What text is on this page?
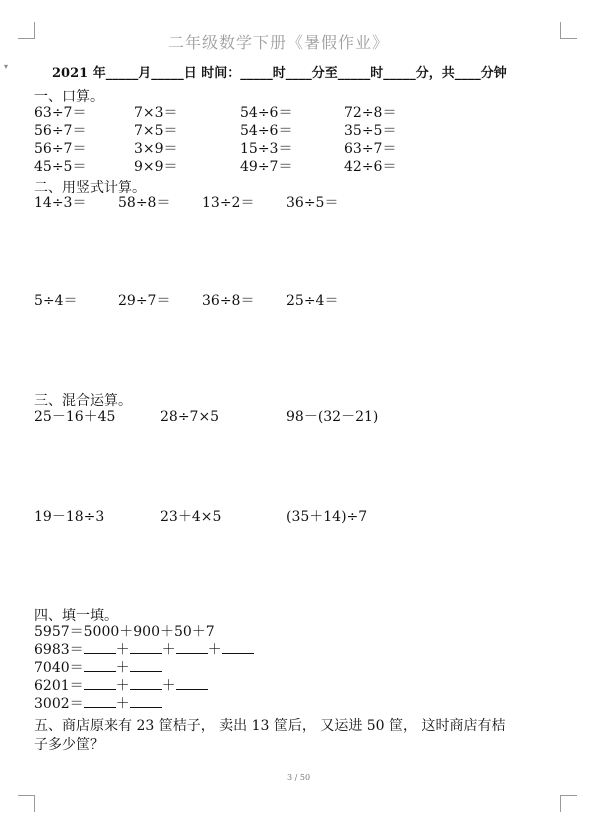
▾
二年级数学下册《暑假作业》
2021 年_____月_____日 时间：_____时____分至_____时_____分，共____分钟
一、口算。
63÷7＝	7×3＝	54÷6＝	72÷8＝
56÷7＝	7×5＝	54÷6＝	35÷5＝
56÷7＝	3×9＝	15÷3＝	63÷7＝
45÷5＝	9×9＝	49÷7＝	42÷6＝
二、用竖式计算。
14÷3＝ 58÷8＝ 13÷2＝ 36÷5＝
5÷4＝	29÷7＝ 36÷8＝ 25÷4＝
三、混合运算。
25－16＋45	28÷7×5	98－(32－21)
19－18÷3	23＋4×5	(35＋14)÷7
四、填一填。
5957＝5000＋900＋50＋7
6983＝ ＋ ＋ ＋
7040＝ ＋
6201＝ ＋ ＋
3002＝ ＋
五、商店原来有 23 筐桔子， 卖出 13 筐后， 又运进 50 筐， 这时商店有桔
子多少筐？
3 / 50
